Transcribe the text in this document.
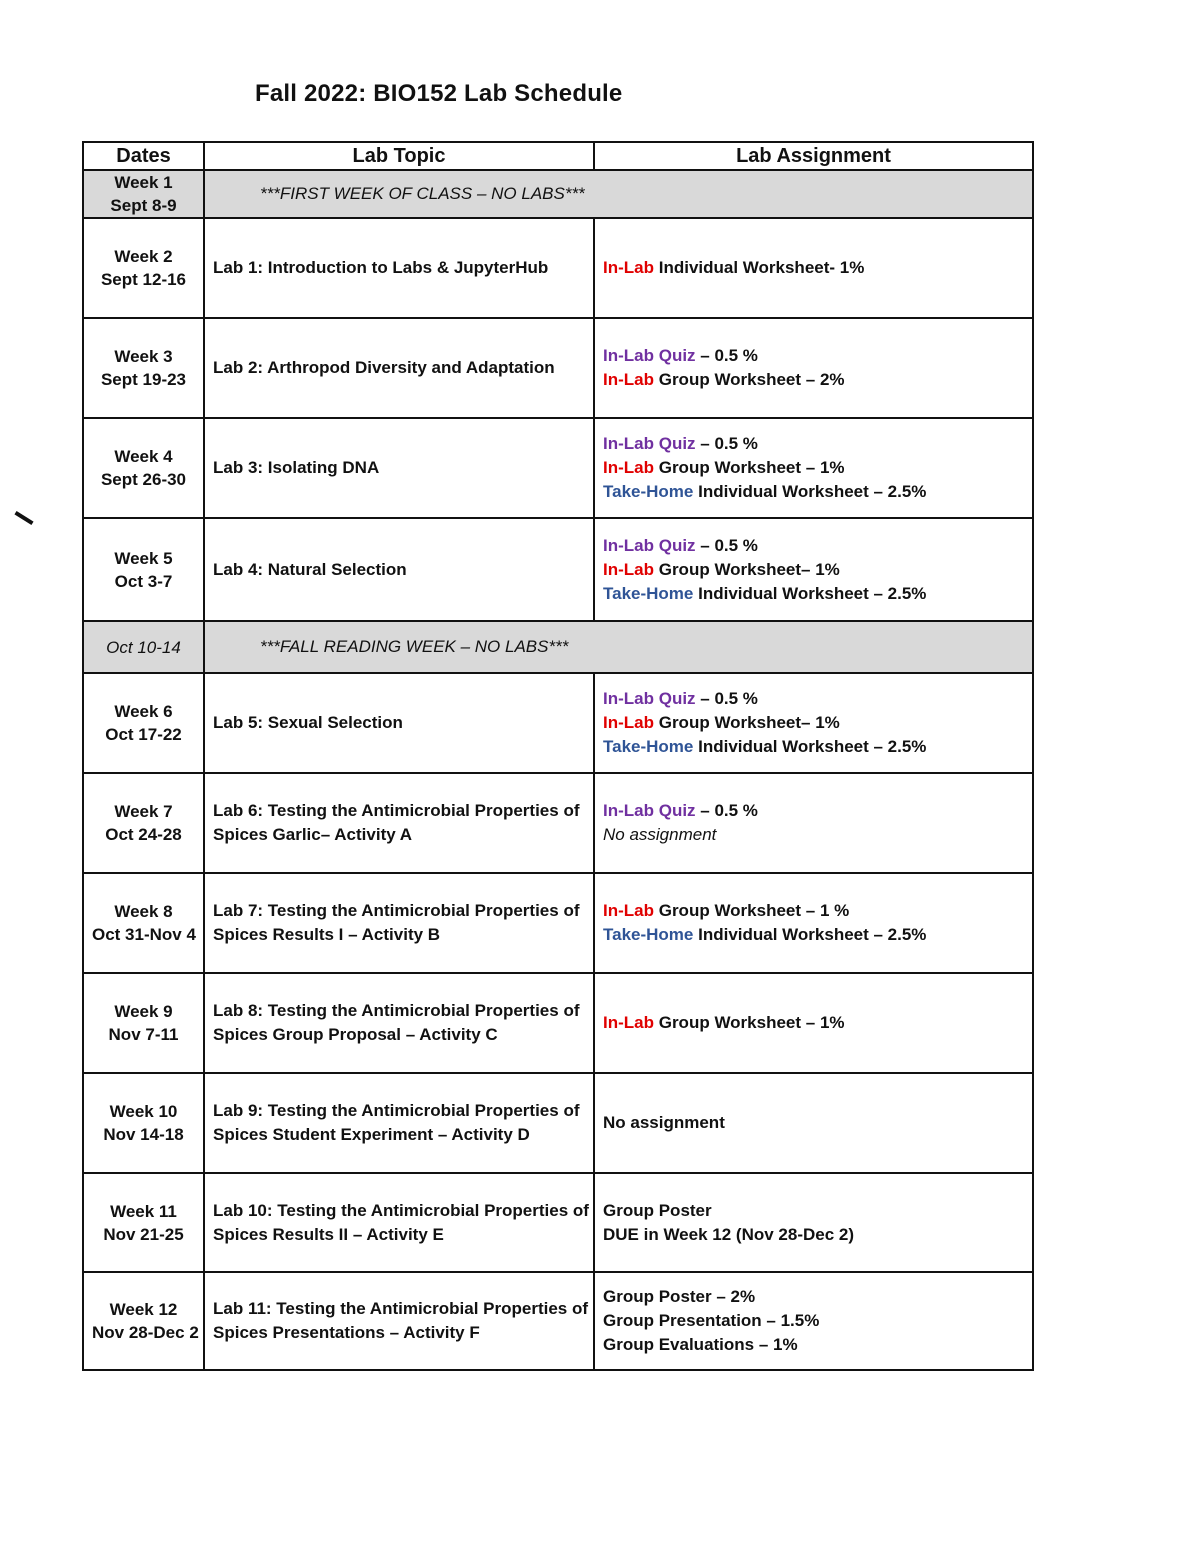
Fall 2022: BIO152 Lab Schedule
Dates	Lab Topic	Lab Assignment

Week 1
Sept 8-9	***FIRST WEEK OF CLASS – NO LABS***	

Week 2
Sept 12-16	Lab 1: Introduction to Labs & JupyterHub	In-Lab Individual Worksheet- 1%

Week 3
Sept 19-23	Lab 2: Arthropod Diversity and Adaptation	In-Lab Quiz – 0.5 %
In-Lab Group Worksheet – 2%

Week 4
Sept 26-30	Lab 3: Isolating DNA	In-Lab Quiz – 0.5 %
In-Lab Group Worksheet – 1%
Take-Home Individual Worksheet – 2.5%

Week 5
Oct 3-7	Lab 4: Natural Selection	In-Lab Quiz – 0.5 %
In-Lab Group Worksheet– 1%
Take-Home Individual Worksheet – 2.5%

Oct 10-14	***FALL READING WEEK – NO LABS***	

Week 6
Oct 17-22	Lab 5: Sexual Selection	In-Lab Quiz – 0.5 %
In-Lab Group Worksheet– 1%
Take-Home Individual Worksheet – 2.5%

Week 7
Oct 24-28	Lab 6: Testing the Antimicrobial Properties of
Spices Garlic– Activity A	In-Lab Quiz – 0.5 %
No assignment

Week 8
Oct 31-Nov 4	Lab 7: Testing the Antimicrobial Properties of
Spices Results I – Activity B	In-Lab Group Worksheet – 1 %
Take-Home Individual Worksheet – 2.5%

Week 9
Nov 7-11	Lab 8: Testing the Antimicrobial Properties of
Spices Group Proposal – Activity C	In-Lab Group Worksheet – 1%

Week 10
Nov 14-18	Lab 9: Testing the Antimicrobial Properties of
Spices Student Experiment – Activity D	No assignment

Week 11
Nov 21-25	Lab 10: Testing the Antimicrobial Properties of
Spices Results II – Activity E	Group Poster
DUE in Week 12 (Nov 28-Dec 2)

Week 12
Nov 28-Dec 2	Lab 11: Testing the Antimicrobial Properties of
Spices Presentations – Activity F	Group Poster – 2%
Group Presentation – 1.5%
Group Evaluations – 1%
